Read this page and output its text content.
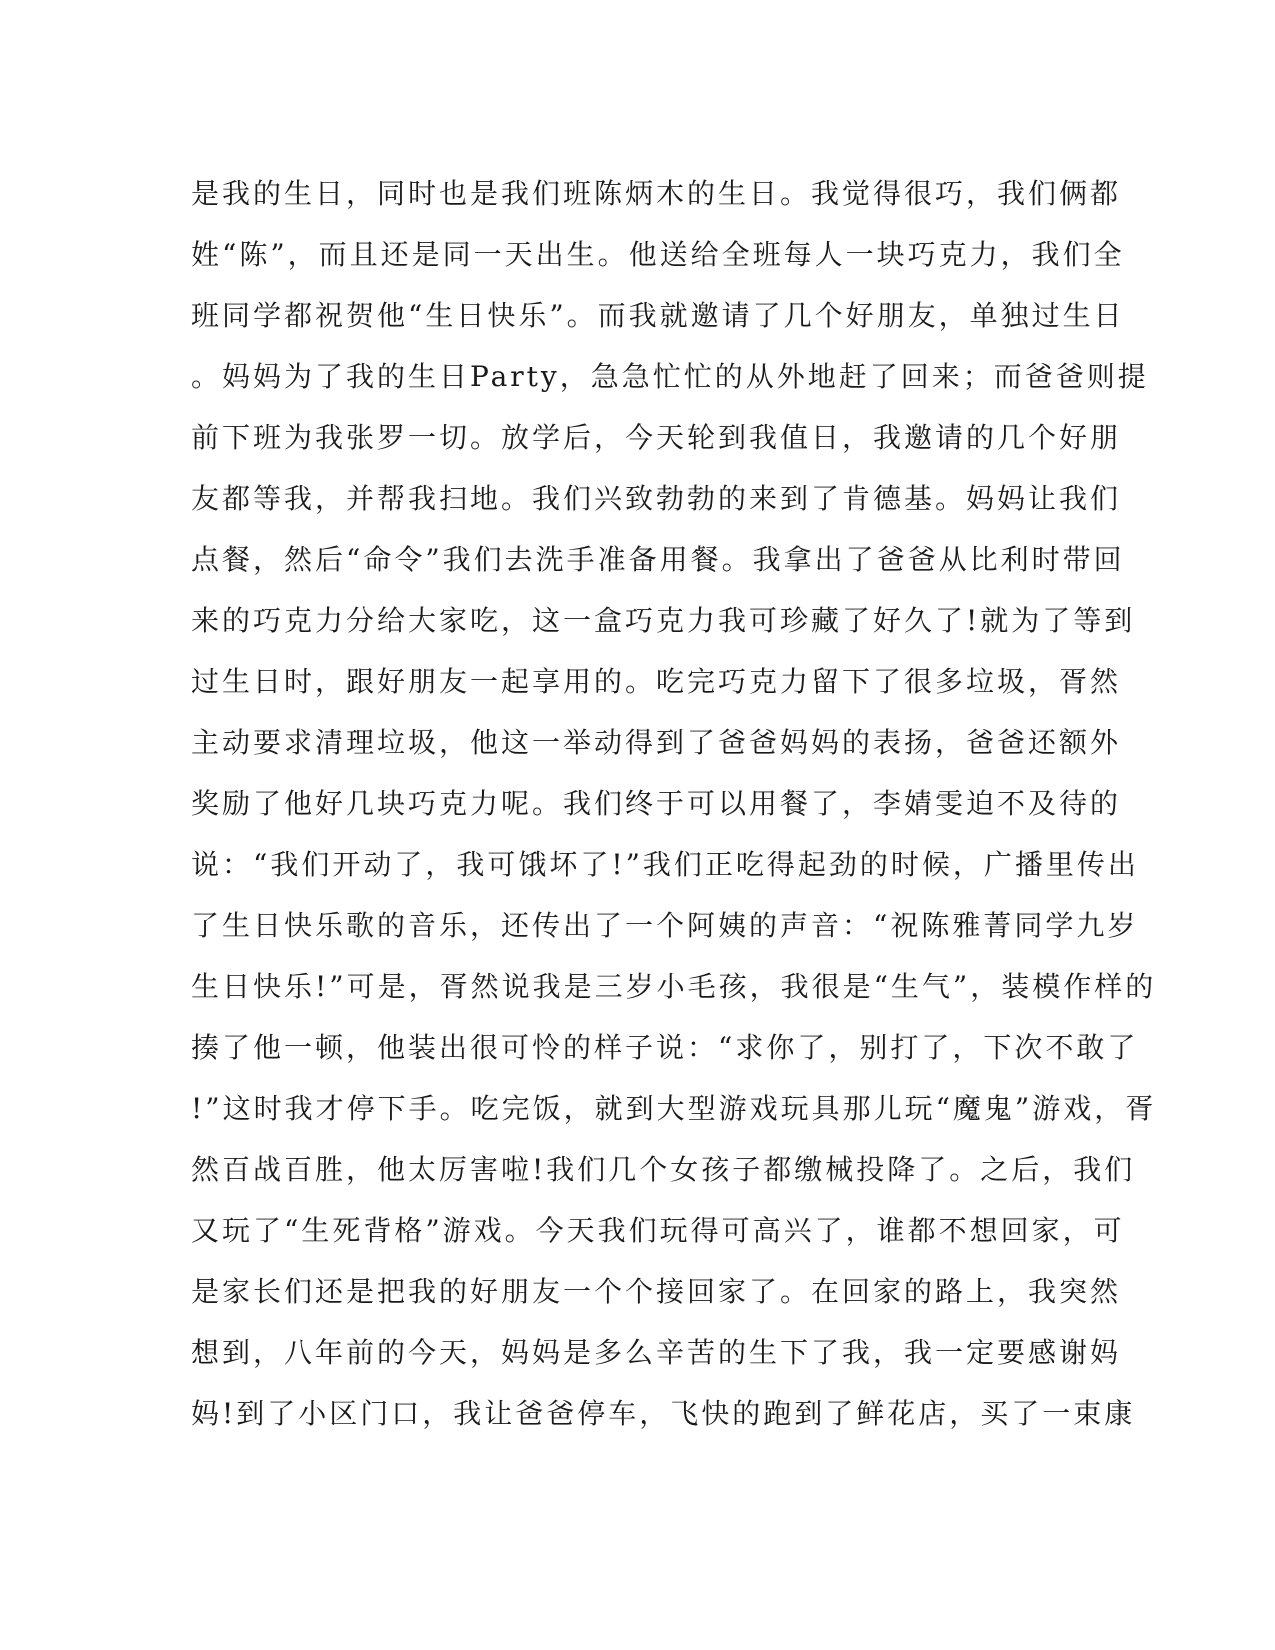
是我的生日，同时也是我们班陈炳木的生日。我觉得很巧，我们俩都
姓“陈”，而且还是同一天出生。他送给全班每人一块巧克力，我们全
班同学都祝贺他“生日快乐”。而我就邀请了几个好朋友，单独过生日
。妈妈为了我的生日Party，急急忙忙的从外地赶了回来；而爸爸则提
前下班为我张罗一切。放学后，今天轮到我值日，我邀请的几个好朋
友都等我，并帮我扫地。我们兴致勃勃的来到了肯德基。妈妈让我们
点餐，然后“命令”我们去洗手准备用餐。我拿出了爸爸从比利时带回
来的巧克力分给大家吃，这一盒巧克力我可珍藏了好久了!就为了等到
过生日时，跟好朋友一起享用的。吃完巧克力留下了很多垃圾，胥然
主动要求清理垃圾，他这一举动得到了爸爸妈妈的表扬，爸爸还额外
奖励了他好几块巧克力呢。我们终于可以用餐了，李婧雯迫不及待的
说：“我们开动了，我可饿坏了!”我们正吃得起劲的时候，广播里传出
了生日快乐歌的音乐，还传出了一个阿姨的声音：“祝陈雅菁同学九岁
生日快乐!”可是，胥然说我是三岁小毛孩，我很是“生气”，装模作样的
揍了他一顿，他装出很可怜的样子说：“求你了，别打了，下次不敢了
!”这时我才停下手。吃完饭，就到大型游戏玩具那儿玩“魔鬼”游戏，胥
然百战百胜，他太厉害啦!我们几个女孩子都缴械投降了。之后，我们
又玩了“生死背格”游戏。今天我们玩得可高兴了，谁都不想回家，可
是家长们还是把我的好朋友一个个接回家了。在回家的路上，我突然
想到，八年前的今天，妈妈是多么辛苦的生下了我，我一定要感谢妈
妈!到了小区门口，我让爸爸停车，飞快的跑到了鲜花店，买了一束康
